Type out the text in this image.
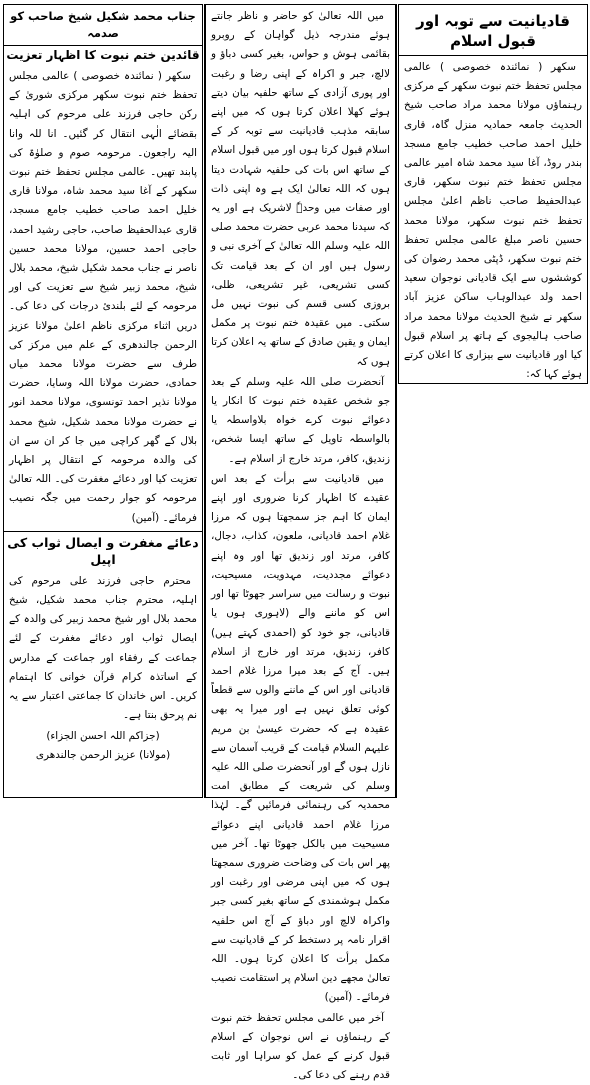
قادیانیت سے توبہ اور قبول اسلام

سکھر ( نمائندہ خصوصی ) عالمی مجلس تحفظ ختم نبوت سکھر کے مرکزی رہنماؤں مولانا محمد مراد صاحب شیخ الحدیث جامعہ حمادیہ منزل گاہ، قاری خلیل احمد صاحب خطیب جامع مسجد بندر روڈ، آغا سید محمد شاہ امیر عالمی مجلس تحفظ ختم نبوت سکھر، قاری عبدالحفیظ صاحب ناظم اعلیٰ مجلس تحفظ ختم نبوت سکھر، مولانا محمد حسین ناصر مبلغ عالمی مجلس تحفظ ختم نبوت سکھر، ڈپٹی محمد رضوان کی کوششوں سے ایک قادیانی نوجوان سعید احمد ولد عبدالوہاب ساکن عزیز آباد سکھر نے شیخ الحدیث مولانا محمد مراد صاحب ہالیجوی کے ہاتھ پر اسلام قبول کیا اور قادیانیت سے بیزاری کا اعلان کرتے ہوئے کہا کہ:

میں اللہ تعالیٰ کو حاضر و ناظر جانتے ہوئے مندرجہ ذیل گواہان کے روبرو بقائمی ہوش و حواس، بغیر کسی دباؤ و لالچ، جبر و اکراہ کے اپنی رضا و رغبت اور پوری آزادی کے ساتھ حلفیہ بیان دیتے ہوئے کھلا اعلان کرتا ہوں کہ میں اپنے سابقہ مذہب قادیانیت سے توبہ کر کے اسلام قبول کرتا ہوں اور میں قبول اسلام کے ساتھ اس بات کی حلفیہ شہادت دیتا ہوں کہ اللہ تعالیٰ ایک ہے وہ اپنی ذات اور صفات میں وحدہٗ لاشریک ہے اور یہ کہ سیدنا محمد عربی حضرت محمد صلی اللہ علیہ وسلم اللہ تعالیٰ کے آخری نبی و رسول ہیں اور ان کے بعد قیامت تک کسی تشریعی، غیر تشریعی، ظلی، بروزی کسی قسم کی نبوت نہیں مل سکتی۔ میں عقیدہ ختم نبوت پر مکمل ایمان و یقین صادق کے ساتھ یہ اعلان کرتا ہوں کہ

آنحضرت صلی اللہ علیہ وسلم کے بعد جو شخص عقیدہ ختم نبوت کا انکار یا دعوائے نبوت کرے خواہ بلاواسطہ یا بالواسطہ تاویل کے ساتھ ایسا شخص، زندیق، کافر، مرتد خارج از اسلام ہے۔

میں قادیانیت سے برأت کے بعد اس عقیدے کا اظہار کرنا ضروری اور اپنے ایمان کا اہم جز سمجھتا ہوں کہ مرزا غلام احمد قادیانی، ملعون، کذاب، دجال، کافر، مرتد اور زندیق تھا اور وہ اپنے دعوائے مجددیت، مہدویت، مسیحیت، نبوت و رسالت میں سراسر جھوٹا تھا اور اس کو ماننے والے (لاہوری ہوں یا قادیانی، جو خود کو (احمدی کہتے ہیں) کافر، زندیق، مرتد اور خارج از اسلام ہیں۔ آج کے بعد میرا مرزا غلام احمد قادیانی اور اس کے ماننے والوں سے قطعاً کوئی تعلق نہیں ہے اور میرا یہ بھی عقیدہ ہے کہ حضرت عیسیٰ بن مریم علیہم السلام قیامت کے قریب آسمان سے نازل ہوں گے اور آنحضرت صلی اللہ علیہ وسلم کی شریعت کے مطابق امت محمدیہ کی رہنمائی فرمائیں گے۔ لہٰذا مرزا غلام احمد قادیانی اپنے دعوائے مسیحیت میں بالکل جھوٹا تھا۔ آخر میں پھر اس بات کی وضاحت ضروری سمجھتا ہوں کہ میں اپنی مرضی اور رغبت اور مکمل ہوشمندی کے ساتھ بغیر کسی جبر واکراہ لالچ اور دباؤ کے آج اس حلفیہ اقرار نامہ پر دستخط کر کے قادیانیت سے مکمل برأت کا اعلان کرتا ہوں۔ اللہ تعالیٰ مجھے دین اسلام پر استقامت نصیب فرمائے۔ (آمین)

آخر میں عالمی مجلس تحفظ ختم نبوت کے رہنماؤں نے اس نوجوان کے اسلام قبول کرنے کے عمل کو سراہا اور ثابت قدم رہنے کی دعا کی۔

جناب محمد شکیل شیخ صاحب کو صدمہ
قائدین ختم نبوت کا اظہار تعزیت

سکھر ( نمائندہ خصوصی ) عالمی مجلس تحفظ ختم نبوت سکھر مرکزی شوریٰ کے رکن حاجی فرزند علی مرحوم کی اہلیہ بقضائے الٰہی انتقال کر گئیں۔ انا للہ وانا الیہ راجعون۔ مرحومہ صوم و صلوٰۃ کی پابند تھیں۔ عالمی مجلس تحفظ ختم نبوت سکھر کے آغا سید محمد شاہ، مولانا قاری خلیل احمد صاحب خطیب جامع مسجد، قاری عبدالحفیظ صاحب، حاجی رشید احمد، حاجی احمد حسین، مولانا محمد حسین ناصر نے جناب محمد شکیل شیخ، محمد بلال شیخ، محمد زبیر شیخ سے تعزیت کی اور مرحومہ کے لئے بلندیٔ درجات کی دعا کی۔ دریں اثناء مرکزی ناظم اعلیٰ مولانا عزیز الرحمن جالندھری کے علم میں مرکز کی طرف سے حضرت مولانا محمد میاں حمادی، حضرت مولانا اللہ وسایا، حضرت مولانا نذیر احمد تونسوی، مولانا محمد انور نے حضرت مولانا محمد شکیل، شیخ محمد بلال کے گھر کراچی میں جا کر ان سے ان کی والدہ مرحومہ کے انتقال پر اظہار تعزیت کیا اور دعائے مغفرت کی۔ اللہ تعالیٰ مرحومہ کو جوار رحمت میں جگہ نصیب فرمائے۔ (آمین)

دعائے مغفرت و ایصال ثواب کی اپیل

محترم حاجی فرزند علی مرحوم کی اہلیہ، محترم جناب محمد شکیل، شیخ محمد بلال اور شیخ محمد زبیر کی والدہ کے ایصال ثواب اور دعائے مغفرت کے لئے جماعت کے رفقاء اور جماعت کے مدارس کے اساتذہ کرام قرآن خوانی کا اہتمام کریں۔ اس خاندان کا جماعتی اعتبار سے یہ نم پرحق بنتا ہے۔

(جزاکم اللہ احسن الجزاء)
(مولانا) عزیز الرحمن جالندھری
